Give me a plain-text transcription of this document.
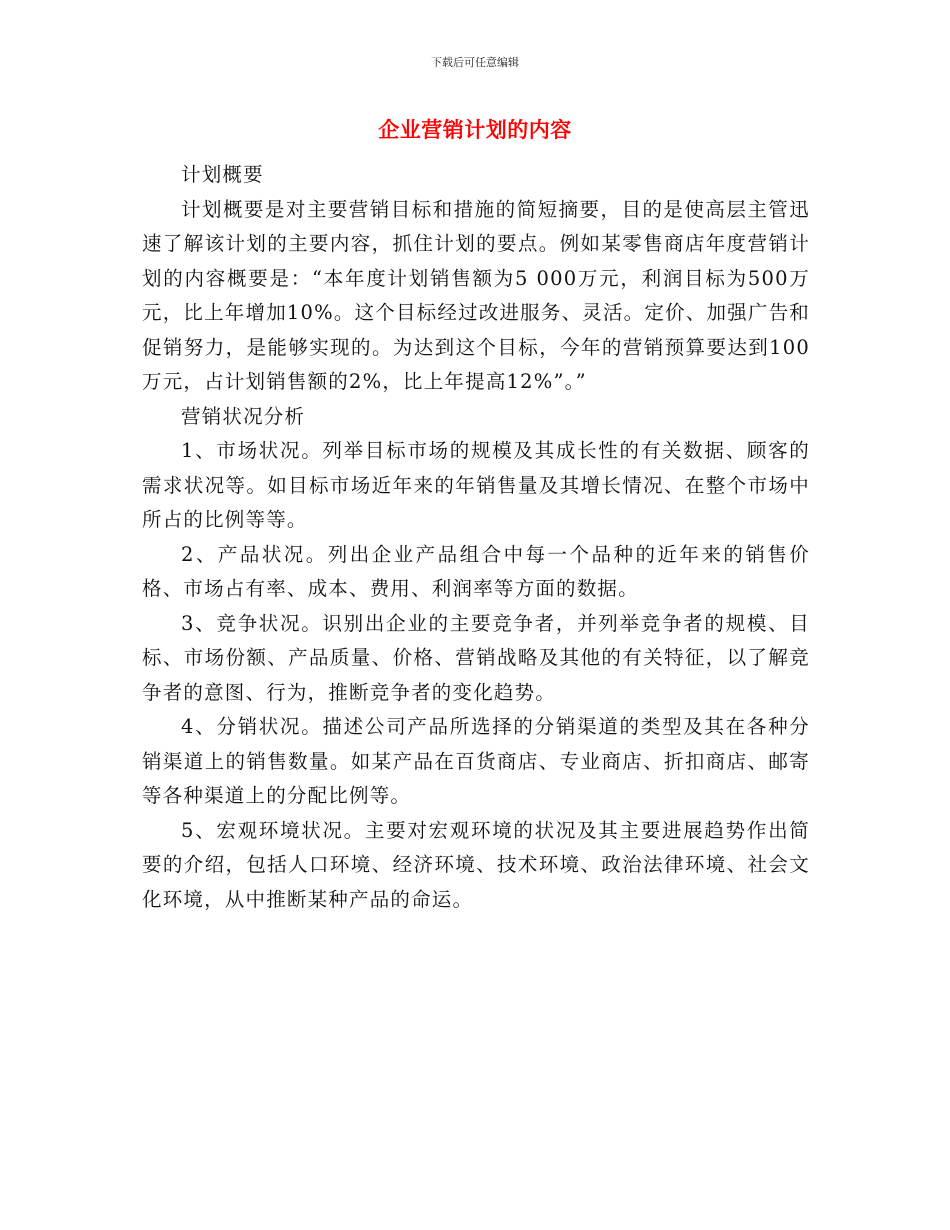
下载后可任意编辑
企业营销计划的内容

计划概要

计划概要是对主要营销目标和措施的简短摘要，目的是使高层主管迅速了解该计划的主要内容，抓住计划的要点。例如某零售商店年度营销计划的内容概要是：“本年度计划销售额为5 000万元，利润目标为500万元，比上年增加10%。这个目标经过改进服务、灵活。定价、加强广告和促销努力，是能够实现的。为达到这个目标，今年的营销预算要达到100万元，占计划销售额的2%，比上年提高12%”。”

营销状况分析

1、市场状况。列举目标市场的规模及其成长性的有关数据、顾客的需求状况等。如目标市场近年来的年销售量及其增长情况、在整个市场中所占的比例等等。

2、产品状况。列出企业产品组合中每一个品种的近年来的销售价格、市场占有率、成本、费用、利润率等方面的数据。

3、竞争状况。识别出企业的主要竞争者，并列举竞争者的规模、目标、市场份额、产品质量、价格、营销战略及其他的有关特征，以了解竞争者的意图、行为，推断竞争者的变化趋势。

4、分销状况。描述公司产品所选择的分销渠道的类型及其在各种分销渠道上的销售数量。如某产品在百货商店、专业商店、折扣商店、邮寄等各种渠道上的分配比例等。

5、宏观环境状况。主要对宏观环境的状况及其主要进展趋势作出简要的介绍，包括人口环境、经济环境、技术环境、政治法律环境、社会文化环境，从中推断某种产品的命运。
